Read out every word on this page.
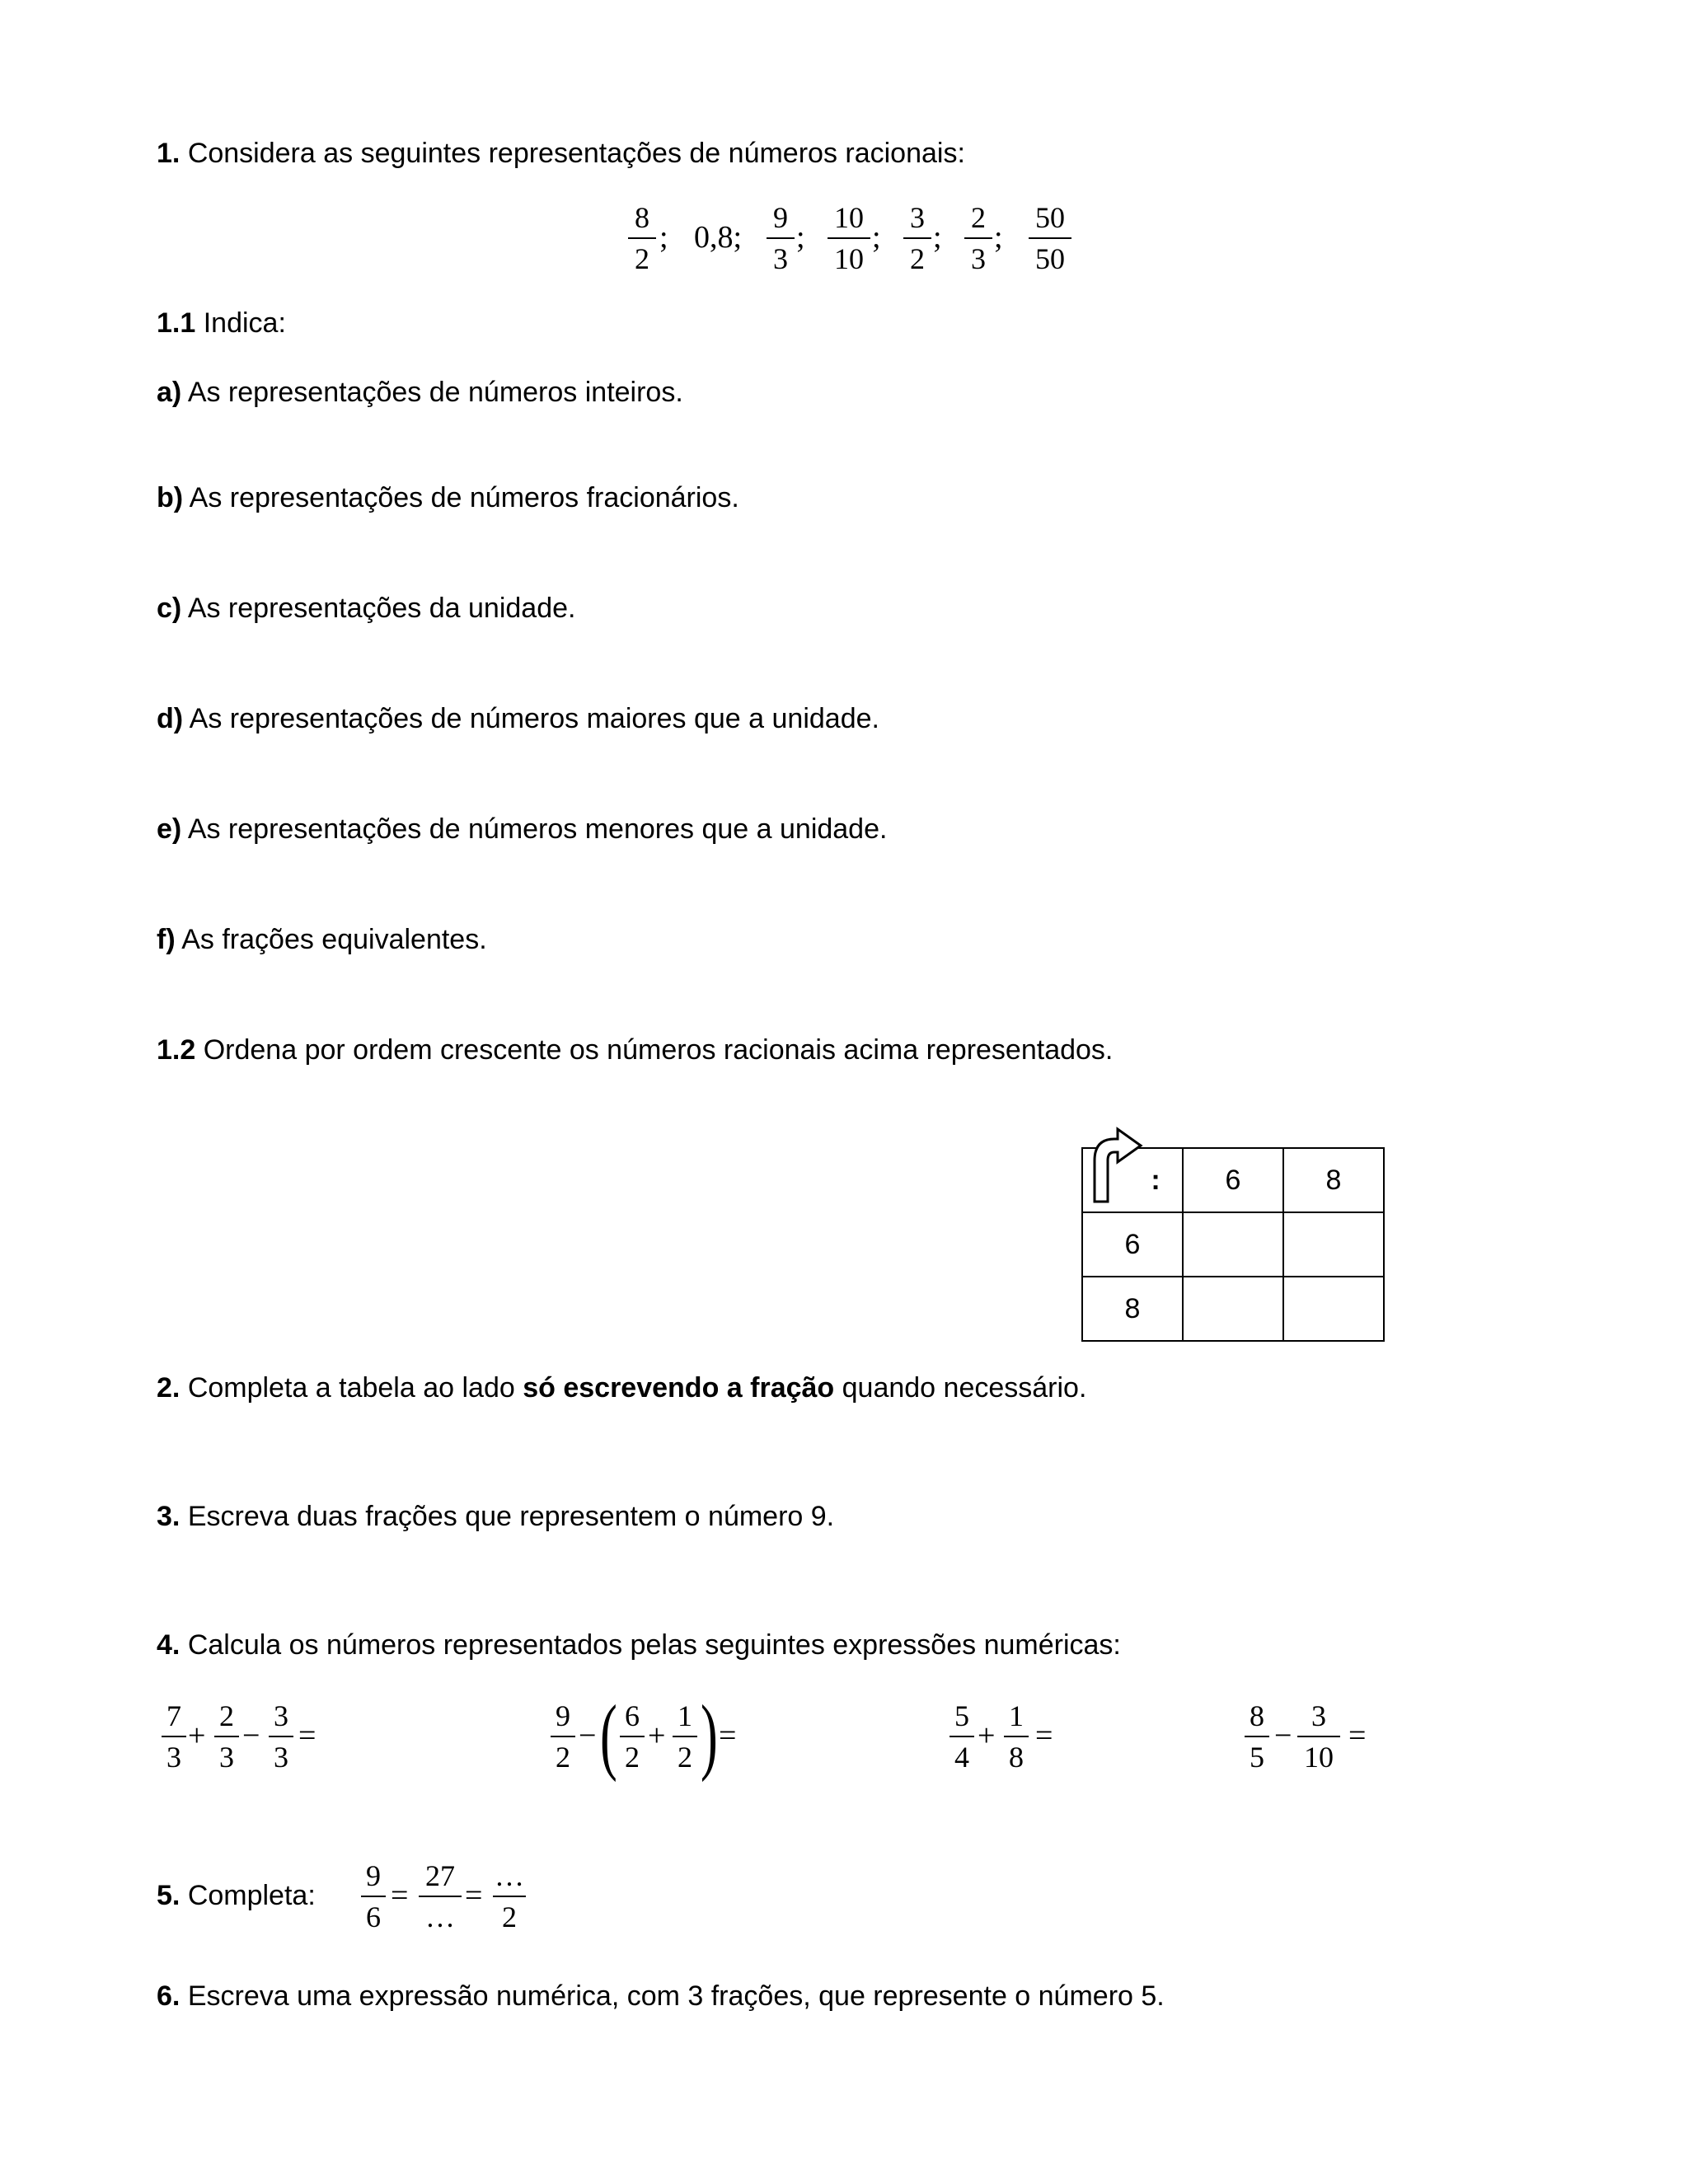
1. Considera as seguintes representações de números racionais:
8
2
; 0,8;
9
3
;
10
10
;
3
2
;
2
3
;
50
50
1.1 Indica:
a) As representações de números inteiros.
b) As representações de números fracionários.
c) As representações da unidade.
d) As representações de números maiores que a unidade.
e) As representações de números menores que a unidade.
f) As frações equivalentes.
1.2 Ordena por ordem crescente os números racionais acima representados.
:	6	8
6		
8		
2. Completa a tabela ao lado só escrevendo a fração quando necessário.
3. Escreva duas frações que representem o número 9.
4. Calcula os números representados pelas seguintes expressões numéricas:
7
3
+
2
3
−
3
3
=
9
2
− ( 6
2
+
1
2 ) =
5
4
+
1
8
=
8
5
−
3
10
=
5. Completa:
9
6
=
27
…
=
…
2
6. Escreva uma expressão numérica, com 3 frações, que represente o número 5.
